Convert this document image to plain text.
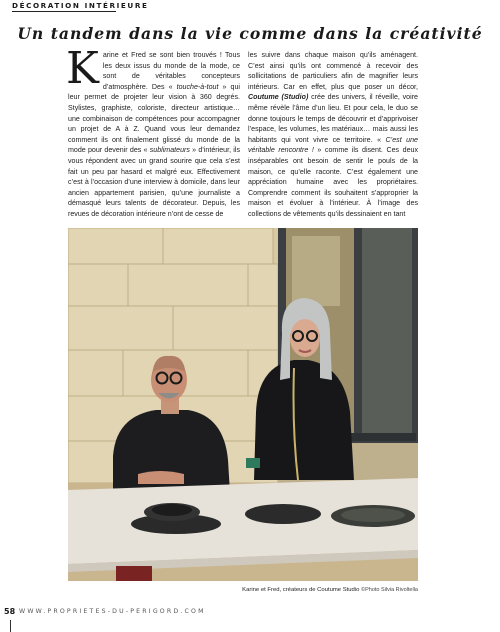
DÉCORATION INTÉRIEURE
Un tandem dans la vie comme dans la créativité
K arine et Fred se sont bien trouvés ! Tous les deux issus du monde de la mode, ce sont de véritables concepteurs d’atmosphère. Des « touche-à-tout » qui leur permet de projeter leur vision à 360 degrés. Stylistes, graphiste, coloriste, directeur artistique… une combinaison de compétences pour accompagner un projet de A à Z. Quand vous leur demandez comment ils ont finalement glissé du monde de la mode pour devenir des « sublimateurs » d’intérieur, ils vous répondent avec un grand sourire que cela s’est fait un peu par hasard et malgré eux. Effectivement c’est à l’occasion d’une interview à domicile, dans leur ancien appartement parisien, qu’une journaliste a démasqué leurs talents de décorateur. Depuis, les revues de décoration intérieure n’ont de cesse de
les suivre dans chaque maison qu’ils aménagent. C’est ainsi qu’ils ont commencé à recevoir des sollicitations de particuliers afin de magnifier leurs intérieurs. Car en effet, plus que poser un décor, Coutume (Studio) crée des univers, il réveille, voire même révèle l’âme d’un lieu. Et pour cela, le duo se donne toujours le temps de découvrir et d’apprivoiser l’espace, les volumes, les matériaux… mais aussi les habitants qui vont vivre ce territoire. « C’est une véritable rencontre ! » comme ils disent. Ces deux inséparables ont besoin de sentir le pouls de la maison, ce qu’elle raconte. C’est également une appréciation humaine avec les propriétaires. Comprendre comment ils souhaitent s’approprier la maison et évoluer à l’intérieur. À l’image des collections de vêtements qu’ils dessinaient en tant
Karine et Fred, créateurs de Coutume Studio ©Photo Silvia Rivoltella
58 WWW.PROPRIETES-DU-PERIGORD.COM
